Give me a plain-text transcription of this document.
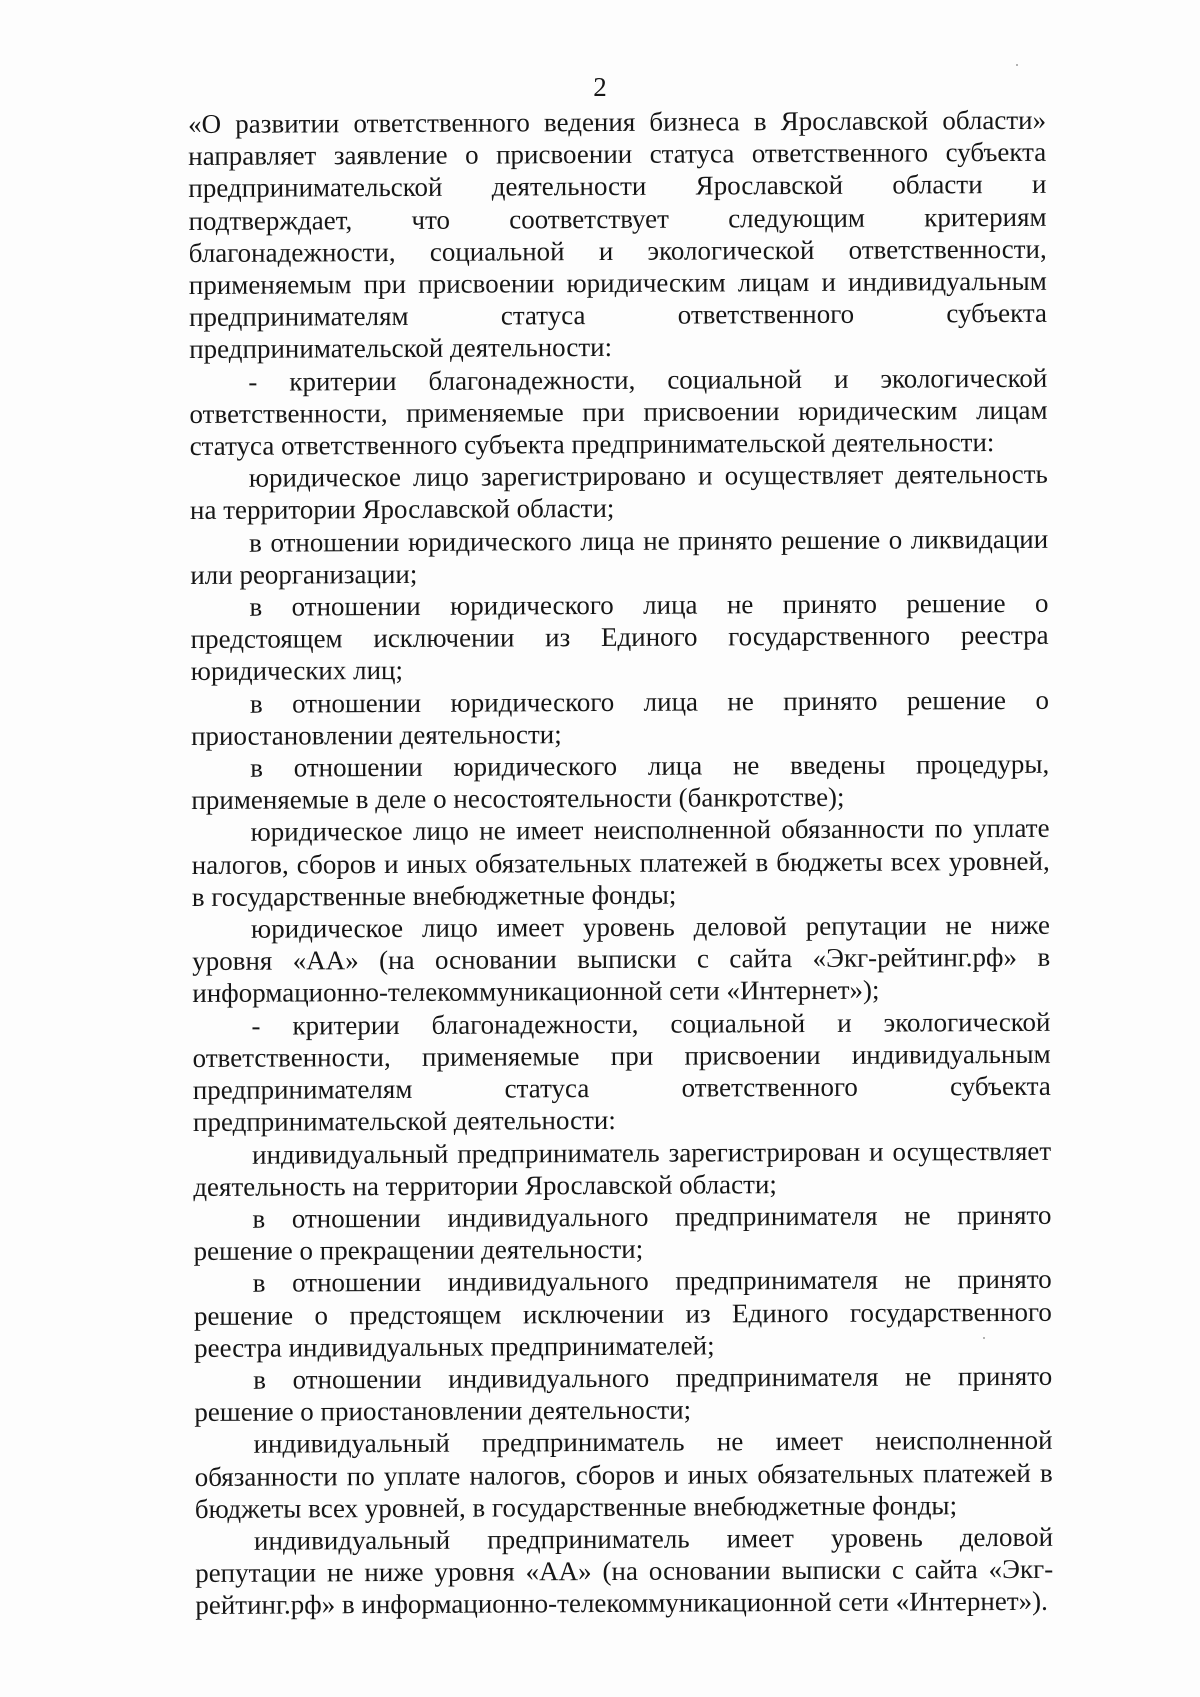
2

«О развитии ответственного ведения бизнеса в Ярославской области» направляет заявление о присвоении статуса ответственного субъекта предпринимательской деятельности Ярославской области и подтверждает, что соответствует следующим критериям благонадежности, социальной и экологической ответственности, применяемым при присвоении юридическим лицам и индивидуальным предпринимателям статуса ответственного субъекта предпринимательской деятельности:

- критерии благонадежности, социальной и экологической ответственности, применяемые при присвоении юридическим лицам статуса ответственного субъекта предпринимательской деятельности:

юридическое лицо зарегистрировано и осуществляет деятельность на территории Ярославской области;

в отношении юридического лица не принято решение о ликвидации или реорганизации;

в отношении юридического лица не принято решение о предстоящем исключении из Единого государственного реестра юридических лиц;

в отношении юридического лица не принято решение о приостановлении деятельности;

в отношении юридического лица не введены процедуры, применяемые в деле о несостоятельности (банкротстве);

юридическое лицо не имеет неисполненной обязанности по уплате налогов, сборов и иных обязательных платежей в бюджеты всех уровней, в государственные внебюджетные фонды;

юридическое лицо имеет уровень деловой репутации не ниже уровня «АА» (на основании выписки с сайта «Экг-рейтинг.рф» в информационно-телекоммуникационной сети «Интернет»);

- критерии благонадежности, социальной и экологической ответственности, применяемые при присвоении индивидуальным предпринимателям статуса ответственного субъекта предпринимательской деятельности:

индивидуальный предприниматель зарегистрирован и осуществляет деятельность на территории Ярославской области;

в отношении индивидуального предпринимателя не принято решение о прекращении деятельности;

в отношении индивидуального предпринимателя не принято решение о предстоящем исключении из Единого государственного реестра индивидуальных предпринимателей;

в отношении индивидуального предпринимателя не принято решение о приостановлении деятельности;

индивидуальный предприниматель не имеет неисполненной обязанности по уплате налогов, сборов и иных обязательных платежей в бюджеты всех уровней, в государственные внебюджетные фонды;

индивидуальный предприниматель имеет уровень деловой репутации не ниже уровня «АА» (на основании выписки с сайта «Экг-рейтинг.рф» в информационно-телекоммуникационной сети «Интернет»).
